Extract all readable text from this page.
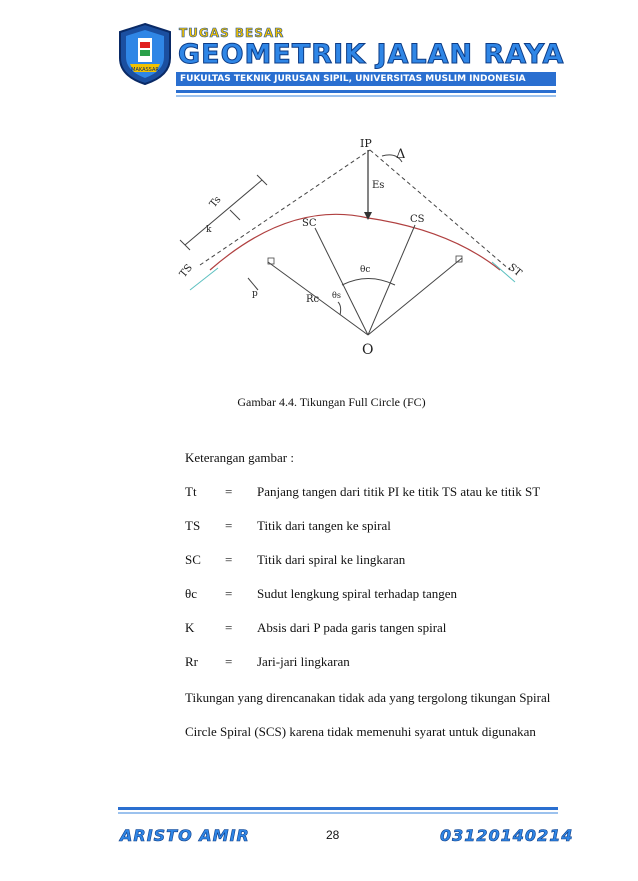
MAKASSAR
TUGAS BESAR
GEOMETRIK JALAN RAYA
FUKULTAS TEKNIK JURUSAN SIPIL, UNIVERSITAS MUSLIM INDONESIA
IP
Δ
Es
Ts
k
SC	CS
θc
TS	ST
Rc θs
p
O
Gambar 4.4. Tikungan Full Circle (FC)
Keterangan gambar :
Tt = Panjang tangen dari titik PI ke titik TS atau ke titik ST
TS = Titik dari tangen ke spiral
SC = Titik dari spiral ke lingkaran
θc = Sudut lengkung spiral terhadap tangen
K = Absis dari P pada garis tangen spiral
Rr = Jari-jari lingkaran
Tikungan yang direncanakan tidak ada yang tergolong tikungan Spiral
Circle Spiral (SCS) karena tidak memenuhi syarat untuk digunakan
ARISTO AMIR	28	03120140214
